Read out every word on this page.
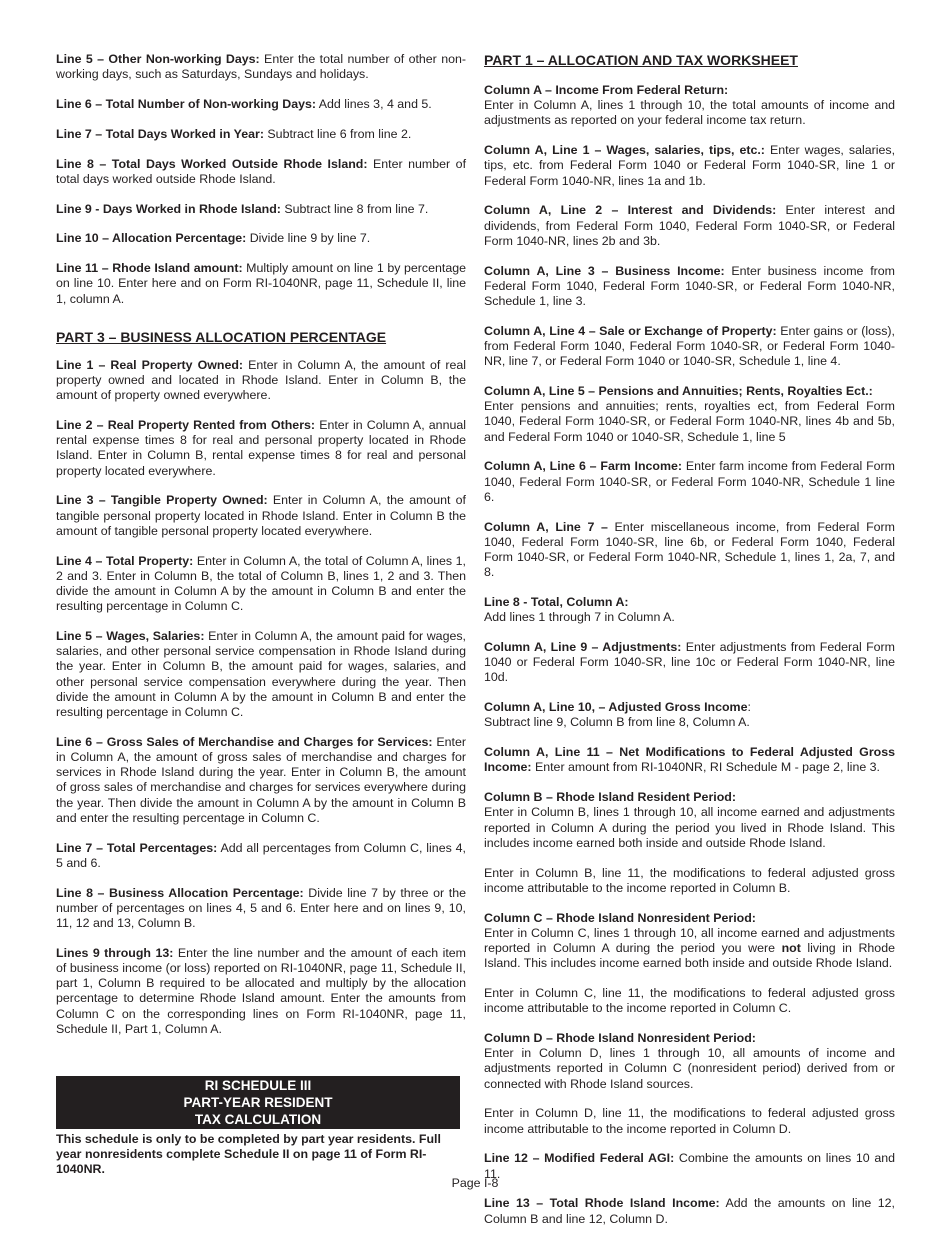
Line 5 – Other Non-working Days: Enter the total number of other non-working days, such as Saturdays, Sundays and holidays.

Line 6 – Total Number of Non-working Days: Add lines 3, 4 and 5.

Line 7 – Total Days Worked in Year: Subtract line 6 from line 2.

Line 8 – Total Days Worked Outside Rhode Island: Enter number of total days worked outside Rhode Island.

Line 9 - Days Worked in Rhode Island: Subtract line 8 from line 7.

Line 10 – Allocation Percentage: Divide line 9 by line 7.

Line 11 – Rhode Island amount: Multiply amount on line 1 by percentage on line 10. Enter here and on Form RI-1040NR, page 11, Schedule II, line 1, column A.

PART 3 – BUSINESS ALLOCATION PERCENTAGE

Line 1 – Real Property Owned: Enter in Column A, the amount of real property owned and located in Rhode Island. Enter in Column B, the amount of property owned everywhere.

Line 2 – Real Property Rented from Others: Enter in Column A, annual rental expense times 8 for real and personal property located in Rhode Island. Enter in Column B, rental expense times 8 for real and personal property located everywhere.

Line 3 – Tangible Property Owned: Enter in Column A, the amount of tangible personal property located in Rhode Island. Enter in Column B the amount of tangible personal property located everywhere.

Line 4 – Total Property: Enter in Column A, the total of Column A, lines 1, 2 and 3. Enter in Column B, the total of Column B, lines 1, 2 and 3. Then divide the amount in Column A by the amount in Column B and enter the resulting percentage in Column C.

Line 5 – Wages, Salaries: Enter in Column A, the amount paid for wages, salaries, and other personal service compensation in Rhode Island during the year. Enter in Column B, the amount paid for wages, salaries, and other personal service compensation everywhere during the year. Then divide the amount in Column A by the amount in Column B and enter the resulting percentage in Column C.

Line 6 – Gross Sales of Merchandise and Charges for Services: Enter in Column A, the amount of gross sales of merchandise and charges for services in Rhode Island during the year. Enter in Column B, the amount of gross sales of merchandise and charges for services everywhere during the year. Then divide the amount in Column A by the amount in Column B and enter the resulting percentage in Column C.

Line 7 – Total Percentages: Add all percentages from Column C, lines 4, 5 and 6.

Line 8 – Business Allocation Percentage: Divide line 7 by three or the number of percentages on lines 4, 5 and 6. Enter here and on lines 9, 10, 11, 12 and 13, Column B.

Lines 9 through 13: Enter the line number and the amount of each item of business income (or loss) reported on RI-1040NR, page 11, Schedule II, part 1, Column B required to be allocated and multiply by the allocation percentage to determine Rhode Island amount. Enter the amounts from Column C on the corresponding lines on Form RI-1040NR, page 11, Schedule II, Part 1, Column A.

PART 1 – ALLOCATION AND TAX WORKSHEET

Column A – Income From Federal Return:
Enter in Column A, lines 1 through 10, the total amounts of income and adjustments as reported on your federal income tax return.

Column A, Line 1 – Wages, salaries, tips, etc.: Enter wages, salaries, tips, etc. from Federal Form 1040 or Federal Form 1040-SR, line 1 or Federal Form 1040-NR, lines 1a and 1b.

Column A, Line 2 – Interest and Dividends: Enter interest and dividends, from Federal Form 1040, Federal Form 1040-SR, or Federal Form 1040-NR, lines 2b and 3b.

Column A, Line 3 – Business Income: Enter business income from Federal Form 1040, Federal Form 1040-SR, or Federal Form 1040-NR, Schedule 1, line 3.

Column A, Line 4 – Sale or Exchange of Property: Enter gains or (loss), from Federal Form 1040, Federal Form 1040-SR, or Federal Form 1040-NR, line 7, or Federal Form 1040 or 1040-SR, Schedule 1, line 4.

Column A, Line 5 – Pensions and Annuities; Rents, Royalties Ect.:
Enter pensions and annuities; rents, royalties ect, from Federal Form 1040, Federal Form 1040-SR, or Federal Form 1040-NR, lines 4b and 5b, and Federal Form 1040 or 1040-SR, Schedule 1, line 5

Column A, Line 6 – Farm Income: Enter farm income from Federal Form 1040, Federal Form 1040-SR, or Federal Form 1040-NR, Schedule 1 line 6.

Column A, Line 7 – Enter miscellaneous income, from Federal Form 1040, Federal Form 1040-SR, line 6b, or Federal Form 1040, Federal Form 1040-SR, or Federal Form 1040-NR, Schedule 1, lines 1, 2a, 7, and 8.

Line 8 - Total, Column A:
Add lines 1 through 7 in Column A.

Column A, Line 9 – Adjustments: Enter adjustments from Federal Form 1040 or Federal Form 1040-SR, line 10c or Federal Form 1040-NR, line 10d.

Column A, Line 10, – Adjusted Gross Income:
Subtract line 9, Column B from line 8, Column A.

Column A, Line 11 – Net Modifications to Federal Adjusted Gross Income: Enter amount from RI-1040NR, RI Schedule M - page 2, line 3.

Column B – Rhode Island Resident Period:
Enter in Column B, lines 1 through 10, all income earned and adjustments reported in Column A during the period you lived in Rhode Island. This includes income earned both inside and outside Rhode Island.

Enter in Column B, line 11, the modifications to federal adjusted gross income attributable to the income reported in Column B.

Column C – Rhode Island Nonresident Period:
Enter in Column C, lines 1 through 10, all income earned and adjustments reported in Column A during the period you were not living in Rhode Island. This includes income earned both inside and outside Rhode Island.

Enter in Column C, line 11, the modifications to federal adjusted gross income attributable to the income reported in Column C.

Column D – Rhode Island Nonresident Period:
Enter in Column D, lines 1 through 10, all amounts of income and adjustments reported in Column C (nonresident period) derived from or connected with Rhode Island sources.

Enter in Column D, line 11, the modifications to federal adjusted gross income attributable to the income reported in Column D.

Line 12 – Modified Federal AGI: Combine the amounts on lines 10 and 11.

Line 13 – Total Rhode Island Income: Add the amounts on line 12, Column B and line 12, Column D.

RI SCHEDULE III
PART-YEAR RESIDENT
TAX CALCULATION
This schedule is only to be completed by part year residents. Full year nonresidents complete Schedule II on page 11 of Form RI-1040NR.
Page I-8
